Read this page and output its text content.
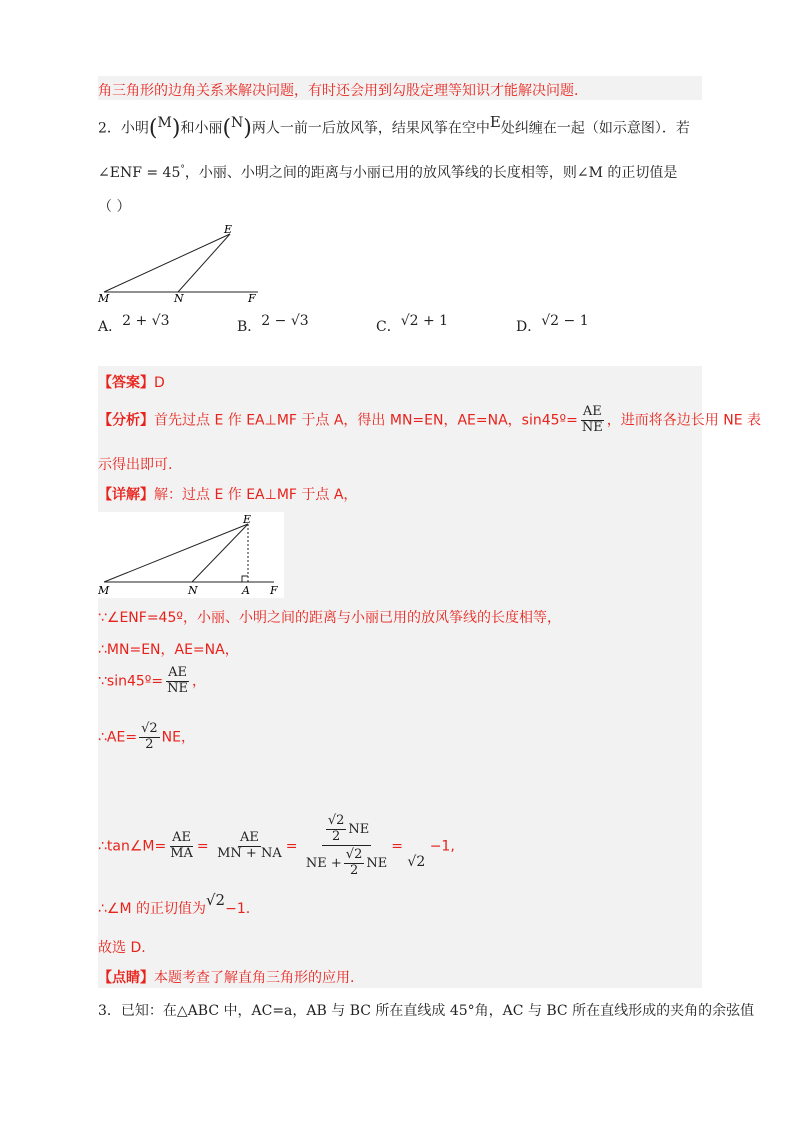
角三角形的边角关系来解决问题，有时还会用到勾股定理等知识才能解决问题.
2．小明(M)和小丽(N)两人一前一后放风筝，结果风筝在空中E处纠缠在一起（如示意图）．若
∠ENF = 45°，小丽、小明之间的距离与小丽已用的放风筝线的长度相等，则∠M 的正切值是
（ ）
E
M	N	F
A．2 + √3	B．2 − √3	C．√2 + 1	D．√2 − 1
【答案】D
【分析】首先过点 E 作 EA⊥MF 于点 A，得出 MN=EN，AE=NA，sin45º= $\frac{AE}{NE}$ ，进而将各边长用 NE 表
示得出即可.
【详解】解：过点 E 作 EA⊥MF 于点 A，
E
M	N	A F
∵∠ENF=45º，小丽、小明之间的距离与小丽已用的放风筝线的长度相等，
∴MN=EN，AE=NA，
∵sin45º= $\frac{AE}{NE}$ ，
∴AE= $\frac{√2}{2}$ NE，
∴tan∠M= $\frac{AE}{MA} = \frac{AE}{MN + NA} = \frac{\frac{√2}{2} NE}{NE + \frac{√2}{2} NE} = √2 -1$,
∴∠M 的正切值为√2−1.
故选 D.
【点睛】本题考查了解直角三角形的应用.
3．已知：在△ABC 中，AC=a，AB 与 BC 所在直线成 45°角，AC 与 BC 所在直线形成的夹角的余弦值
